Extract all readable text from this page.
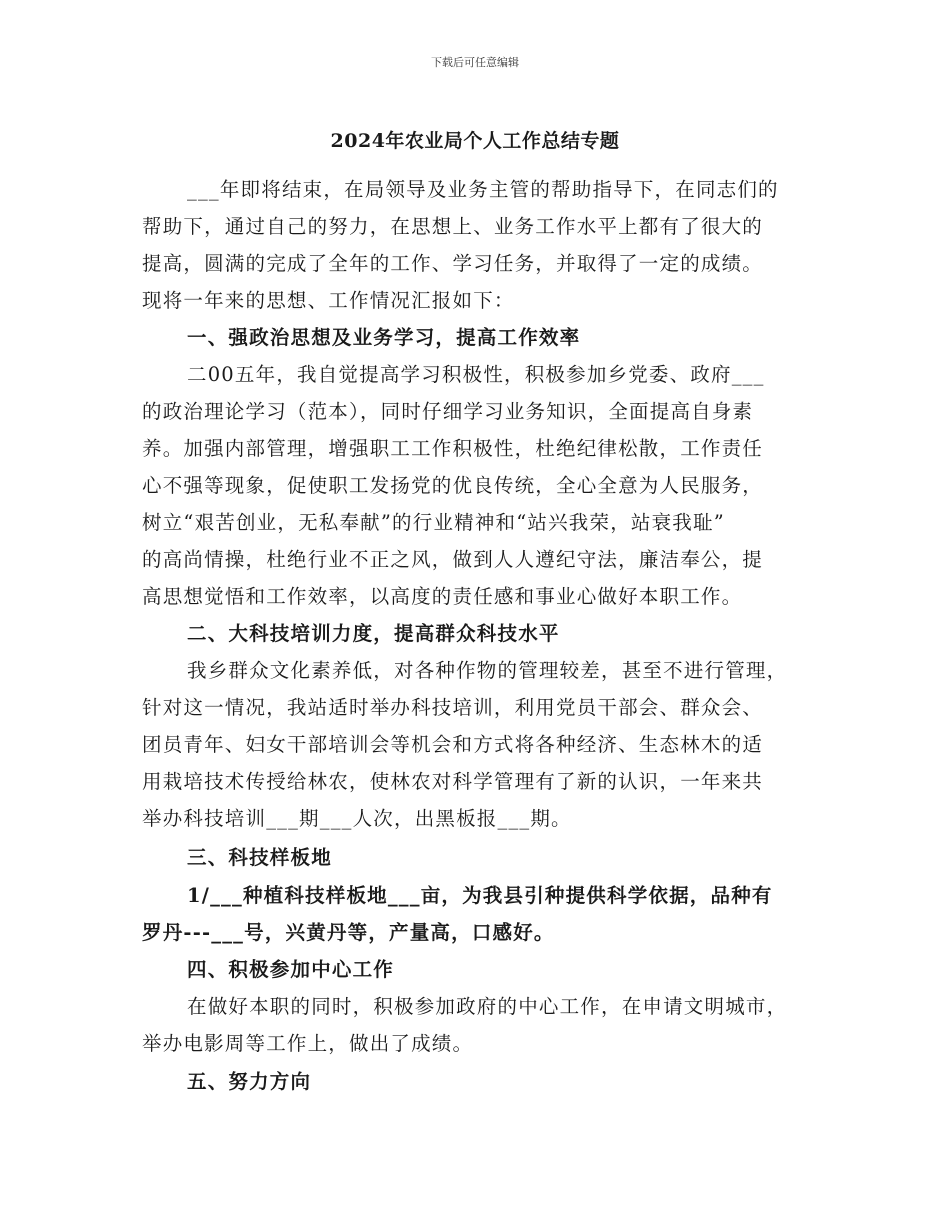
下载后可任意编辑
2024年农业局个人工作总结专题
___年即将结束，在局领导及业务主管的帮助指导下，在同志们的
帮助下，通过自己的努力，在思想上、业务工作水平上都有了很大的
提高，圆满的完成了全年的工作、学习任务，并取得了一定的成绩。
现将一年来的思想、工作情况汇报如下：
一、强政治思想及业务学习，提高工作效率
二00五年，我自觉提高学习积极性，积极参加乡党委、政府___
的政治理论学习（范本），同时仔细学习业务知识，全面提高自身素
养。加强内部管理，增强职工工作积极性，杜绝纪律松散，工作责任
心不强等现象，促使职工发扬党的优良传统，全心全意为人民服务，
树立“艰苦创业，无私奉献”的行业精神和“站兴我荣，站衰我耻”
的高尚情操，杜绝行业不正之风，做到人人遵纪守法，廉洁奉公，提
高思想觉悟和工作效率，以高度的责任感和事业心做好本职工作。
二、大科技培训力度，提高群众科技水平
我乡群众文化素养低，对各种作物的管理较差，甚至不进行管理，
针对这一情况，我站适时举办科技培训，利用党员干部会、群众会、
团员青年、妇女干部培训会等机会和方式将各种经济、生态林木的适
用栽培技术传授给林农，使林农对科学管理有了新的认识，一年来共
举办科技培训___期___人次，出黑板报___期。
三、科技样板地
1/___种植科技样板地___亩，为我县引种提供科学依据，品种有
罗丹---___号，兴黄丹等，产量高，口感好。
四、积极参加中心工作
在做好本职的同时，积极参加政府的中心工作，在申请文明城市，
举办电影周等工作上，做出了成绩。
五、努力方向
